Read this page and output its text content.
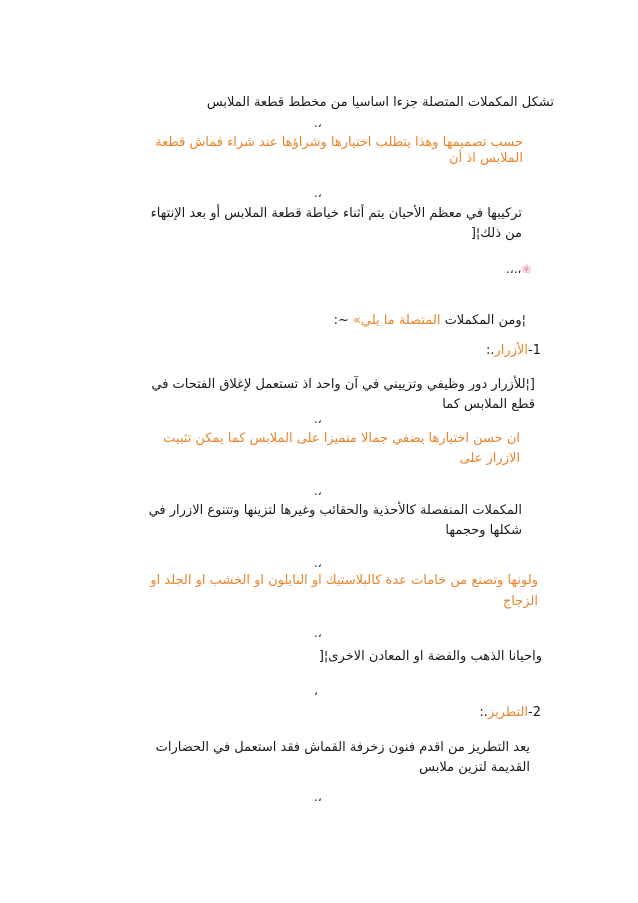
تشكل المكملات المتصلة جزءا اساسيا من مخطط قطعة الملابس
،.
حسب تصميمها وهذا يتطلب اختيارها وشراؤها عند شراء قماش قطعة
الملابس اذ أن
،.
تركيبها في معظم الأحيان يتم أثناء خياطة قطعة الملابس أو بعد الإنتهاء
من ذلك¦[
❀،.،.
¦ومن المكملات المتصلة ما يلي» ~:
1-الأزرار.:
[¦للأزرار دور وظيفي وتزييني في آن واحد اذ تستعمل لإغلاق الفتحات في
قطع الملابس كما
،.
ان حسن اختيارها يضفي جمالا متميزا على الملابس كما يمكن تثبيت
الازرار على
،.
المكملات المنفصلة كالأحذية والحقائب وغيرها لتزينها وتتنوع الازرار في
شكلها وحجمها
،.
ولونها وتصنع من خامات عدة كالبلاستيك او النايلون او الخشب او الجلد او
الزجاج
،.
واحيانا الذهب والفضة او المعادن الاخرى¦[
،
2-التطريز.:
يعد التطريز من اقدم فنون زخرفة القماش فقد استعمل في الحضارات
القديمة لتزين ملابس
،.
